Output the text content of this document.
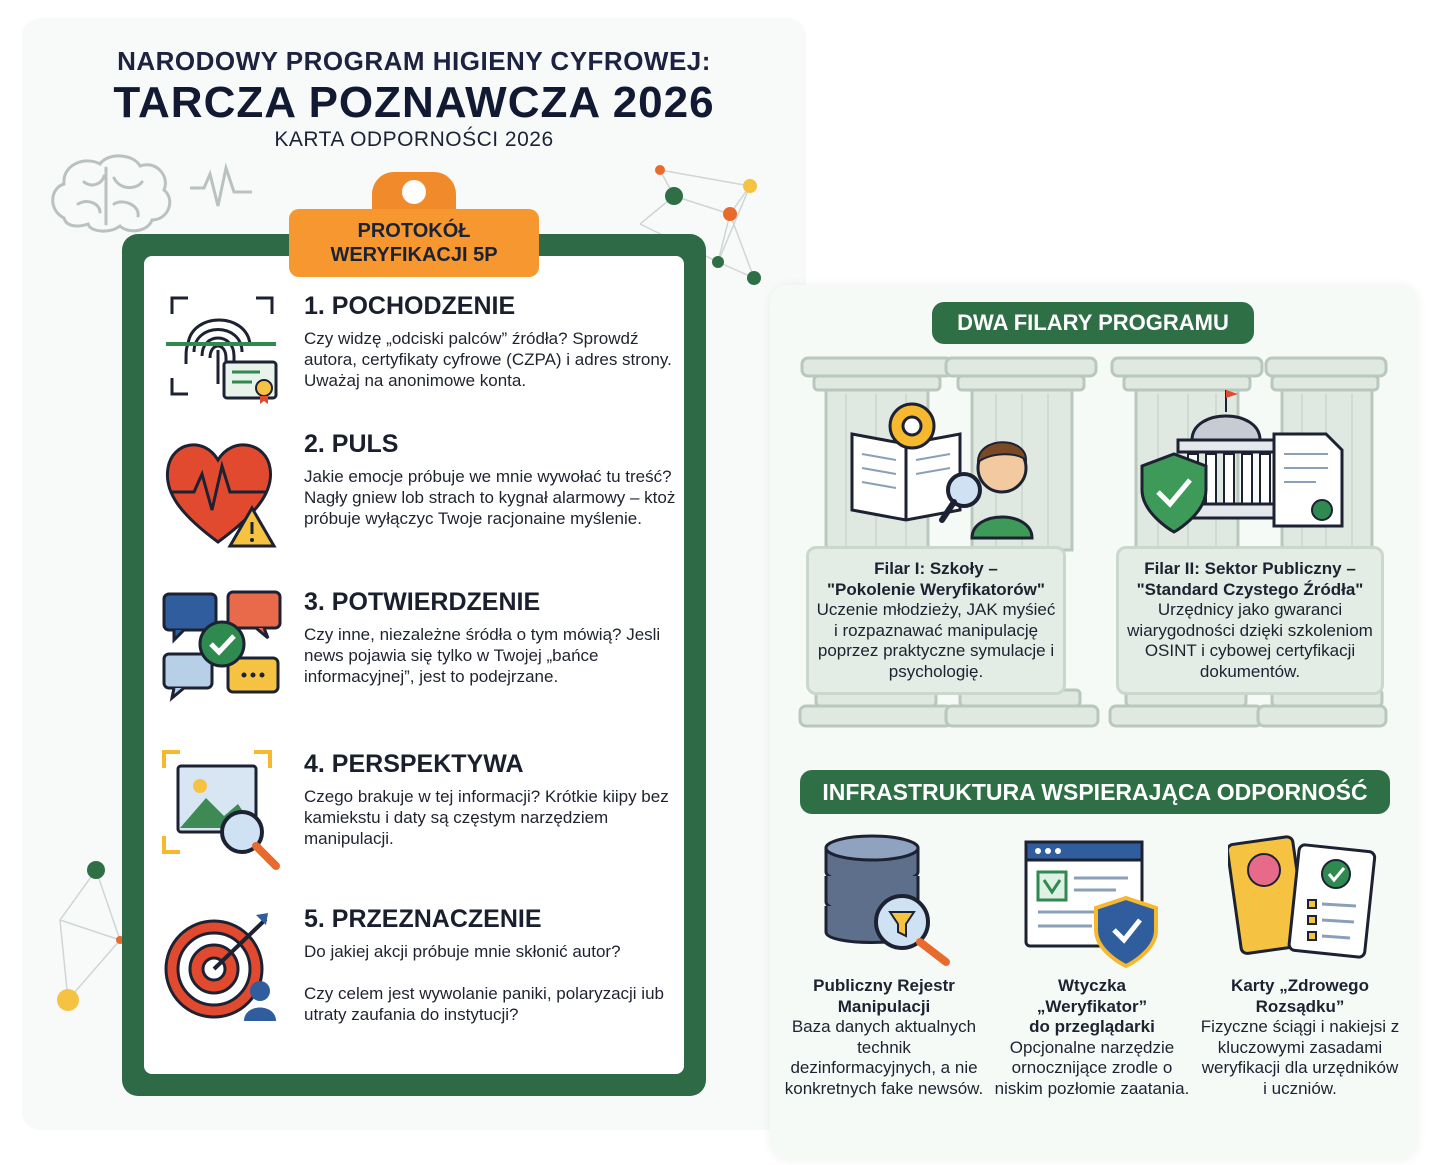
NARODOWY PROGRAM HIGIENY CYFROWEJ:
TARCZA POZNAWCZA 2026
KARTA ODPORNOŚCI 2026
PROTOKÓŁ
WERYFIKACJI 5P
1. POCHODZENIE
Czy widzę „odciski palców” źródła? Sprowdź autora, certyfikaty cyfrowe (CZPA) i adres strony. Uważaj na anonimowe konta.
2. PULS
Jakie emocje próbuje we mnie wywołać tu treść? Nagły gniew lob strach to kygnał alarmowy – ktoż próbuje wyłączyc Twoje racjonaine myślenie.
3. POTWIERDZENIE
Czy inne, niezależne śródła o tym mówią? Jesli news pojawia się tylko w Twojej „bańce informacyjnej”, jest to podejrzane.
4. PERSPEKTYWA
Czego brakuje w tej informacji? Krótkie kiipy bez kamiekstu i daty są częstym narzędziem manipulacji.
5. PRZEZNACZENIE
Do jakiej akcji próbuje mnie skłonić autor?
Czy celem jest wywolanie paniki, polaryzacji iub utraty zaufania do instytucji?
DWA FILARY PROGRAMU
Filar I: Szkoły –
"Pokolenie Weryfikatorów"
Uczenie młodzieży, JAK myśieć i rozpaznawać manipulację poprzez praktyczne symulacje i psychologię.
Filar II: Sektor Publiczny –
"Standard Czystego Źródła"
Urzędnicy jako gwaranci wiarygodności dzięki szkoleniom OSINT i cybowej certyfikacji dokumentów.
INFRASTRUKTURA WSPIERAJĄCA ODPORNOŚĆ
Publiczny Rejestr Manipulacji
Baza danych aktualnych technik dezinformacyjnych, a nie konkretnych fake newsów.
Wtyczka
„Weryfikator”
do przeglądarki
Opcjonalne narzędzie ornocznijące zrodle o niskim pozłomie zaatania.
Karty „Zdrowego Rozsądku”
Fizyczne ściągi i nakiejsi z kluczowymi zasadami weryfikacji dla urzędników i uczniów.
